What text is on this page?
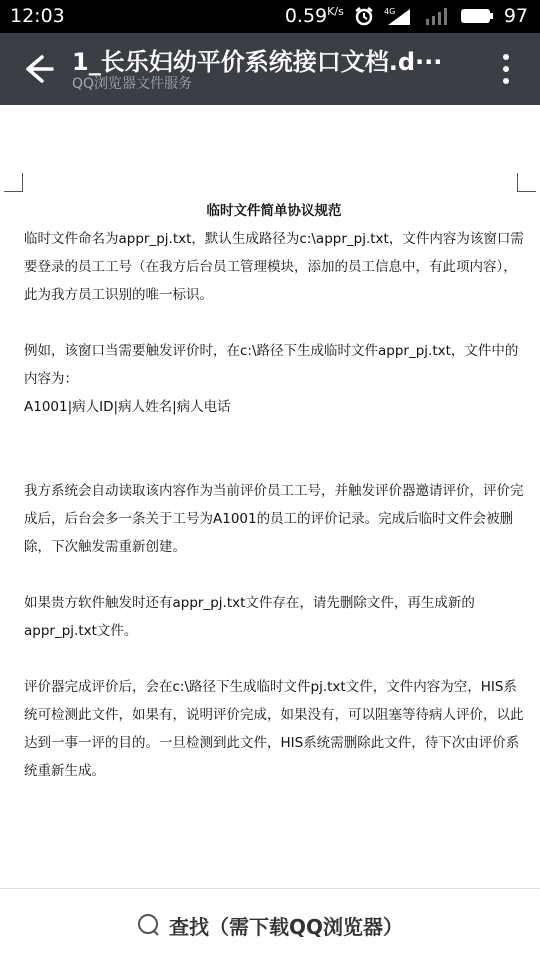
12:03	$0.59^{K/s}$	4G	97
1_长乐妇幼平价系统接口文档.d···
QQ浏览器文件服务

临时文件简单协议规范

临时文件命名为appr_pj.txt，默认生成路径为c:\appr_pj.txt，文件内容为该窗口需要登录的员工工号（在我方后台员工管理模块，添加的员工信息中，有此项内容），此为我方员工识别的唯一标识。

例如，该窗口当需要触发评价时，在c:\路径下生成临时文件appr_pj.txt，文件中的内容为：

A1001|病人ID|病人姓名|病人电话

我方系统会自动读取该内容作为当前评价员工工号，并触发评价器邀请评价，评价完成后，后台会多一条关于工号为A1001的员工的评价记录。完成后临时文件会被删除，下次触发需重新创建。

如果贵方软件触发时还有appr_pj.txt文件存在，请先删除文件，再生成新的appr_pj.txt文件。

评价器完成评价后，会在c:\路径下生成临时文件pj.txt文件，文件内容为空，HIS系统可检测此文件，如果有，说明评价完成，如果没有，可以阻塞等待病人评价，以此达到一事一评的目的。一旦检测到此文件，HIS系统需删除此文件，待下次由评价系统重新生成。

查找（需下载QQ浏览器）
